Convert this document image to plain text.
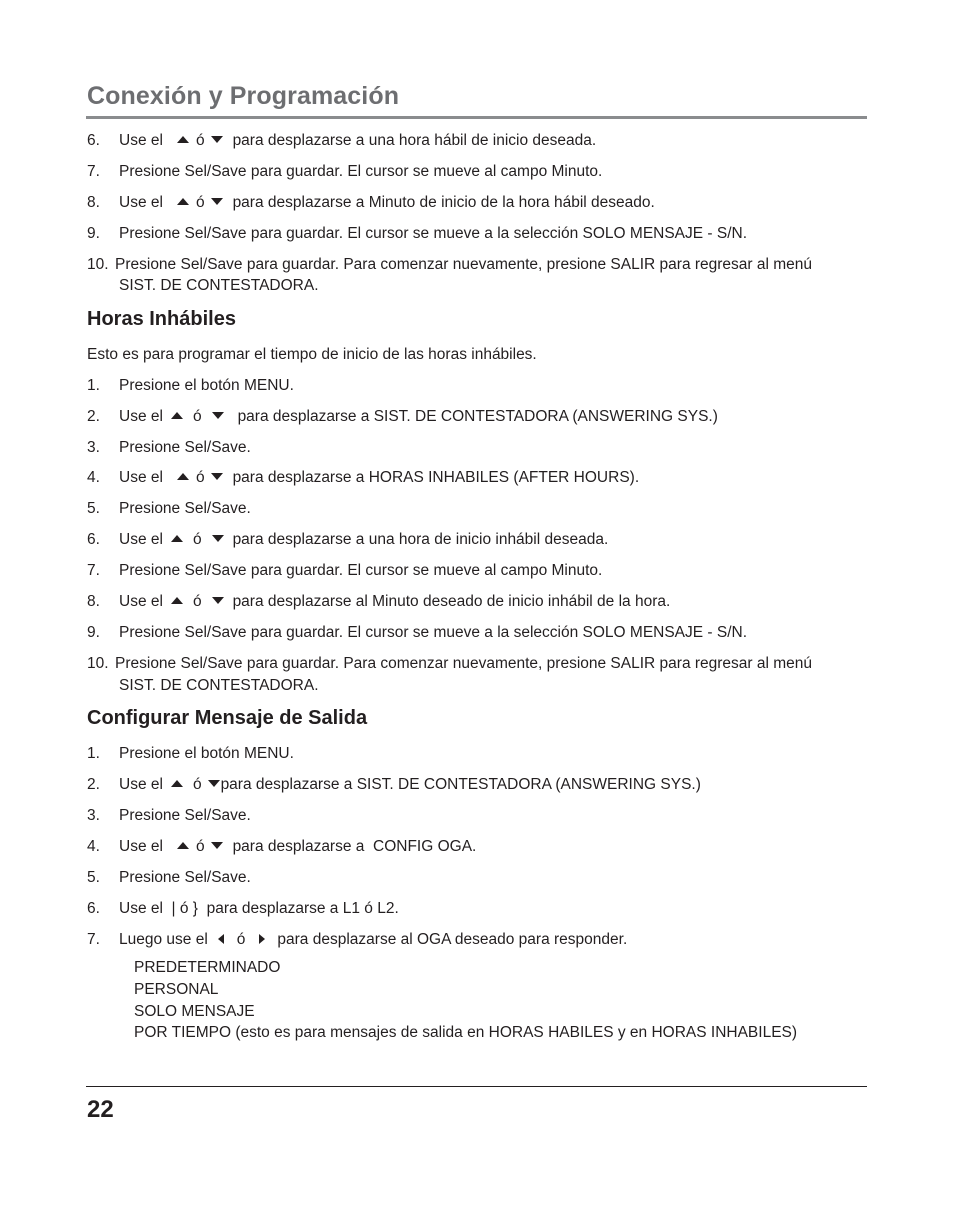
Conexión y Programación
6. Use el ó para desplazarse a una hora hábil de inicio deseada.
7. Presione Sel/Save para guardar. El cursor se mueve al campo Minuto.
8. Use el ó para desplazarse a Minuto de inicio de la hora hábil deseado.
9. Presione Sel/Save para guardar. El cursor se mueve a la selección SOLO MENSAJE - S/N.
10. Presione Sel/Save para guardar. Para comenzar nuevamente, presione SALIR para regresar al menú
SIST. DE CONTESTADORA.
Horas Inhábiles
Esto es para programar el tiempo de inicio de las horas inhábiles.
1. Presione el botón MENU.
2. Use el ó para desplazarse a SIST. DE CONTESTADORA (ANSWERING SYS.)
3. Presione Sel/Save.
4. Use el ó para desplazarse a HORAS INHABILES (AFTER HOURS).
5. Presione Sel/Save.
6. Use el ó para desplazarse a una hora de inicio inhábil deseada.
7. Presione Sel/Save para guardar. El cursor se mueve al campo Minuto.
8. Use el ó para desplazarse al Minuto deseado de inicio inhábil de la hora.
9. Presione Sel/Save para guardar. El cursor se mueve a la selección SOLO MENSAJE - S/N.
10. Presione Sel/Save para guardar. Para comenzar nuevamente, presione SALIR para regresar al menú
SIST. DE CONTESTADORA.
Configurar Mensaje de Salida
1. Presione el botón MENU.
2. Use el ó para desplazarse a SIST. DE CONTESTADORA (ANSWERING SYS.)
3. Presione Sel/Save.
4. Use el ó para desplazarse a  CONFIG OGA.
5. Presione Sel/Save.
6. Use el  | ó }  para desplazarse a L1 ó L2.
7. Luego use el ó para desplazarse al OGA deseado para responder.
PREDETERMINADO
PERSONAL
SOLO MENSAJE
POR TIEMPO (esto es para mensajes de salida en HORAS HABILES y en HORAS INHABILES)
22
